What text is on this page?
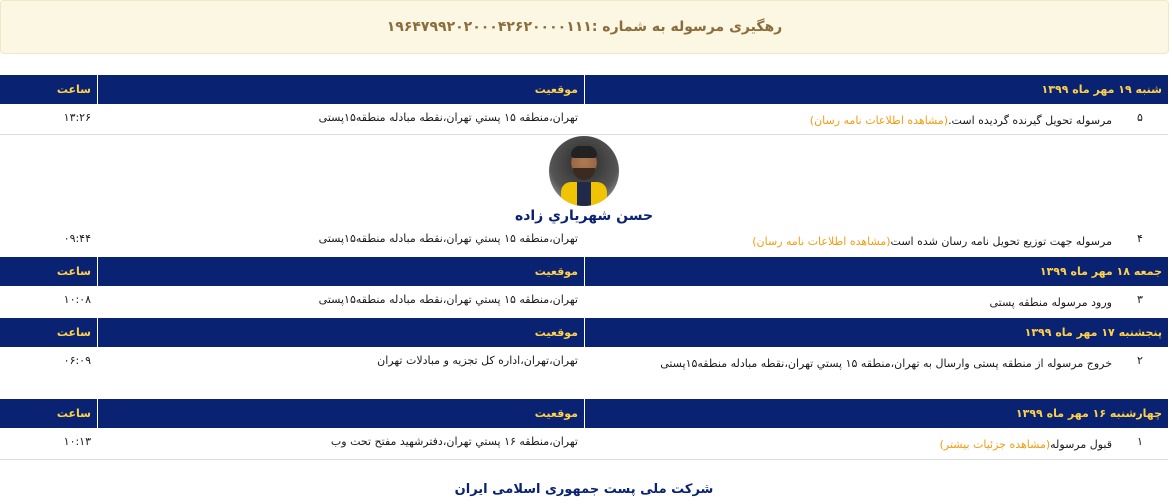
رهگیری مرسوله به شماره :۱۹۶۴۷۹۹۲۰۲۰۰۰۴۲۶۲۰۰۰۰۱۱۱
شنبه ۱۹ مهر ماه ۱۳۹۹
موقعیت
ساعت
۵
مرسوله تحویل گیرنده گردیده است.(مشاهده اطلاعات نامه رسان)
تهران،منطقه ۱۵ پستي تهران،نقطه مبادله منطقه۱۵پستی
۱۳:۲۶
حسن شهرياري زاده
۴
مرسوله جهت توزیع تحویل نامه رسان شده است(مشاهده اطلاعات نامه رسان)
تهران،منطقه ۱۵ پستي تهران،نقطه مبادله منطقه۱۵پستی
۰۹:۴۴
جمعه ۱۸ مهر ماه ۱۳۹۹
موقعیت
ساعت
۳
ورود مرسوله منطقه پستی
تهران،منطقه ۱۵ پستي تهران،نقطه مبادله منطقه۱۵پستی
۱۰:۰۸
پنجشنبه ۱۷ مهر ماه ۱۳۹۹
موقعیت
ساعت
۲
خروج مرسوله از منطقه پستی وارسال به تهران،منطقه ۱۵ پستي تهران،نقطه مبادله منطقه۱۵پستی
تهران،تهران،اداره کل تجزیه و مبادلات تهران
۰۶:۰۹
چهارشنبه ۱۶ مهر ماه ۱۳۹۹
موقعیت
ساعت
۱
قبول مرسوله(مشاهده جزئیات بیشتر)
تهران،منطقه ۱۶ پستي تهران،دفترشهید مفتح تحت وب
۱۰:۱۳
شرکت ملی پست جمهوری اسلامی ایران
